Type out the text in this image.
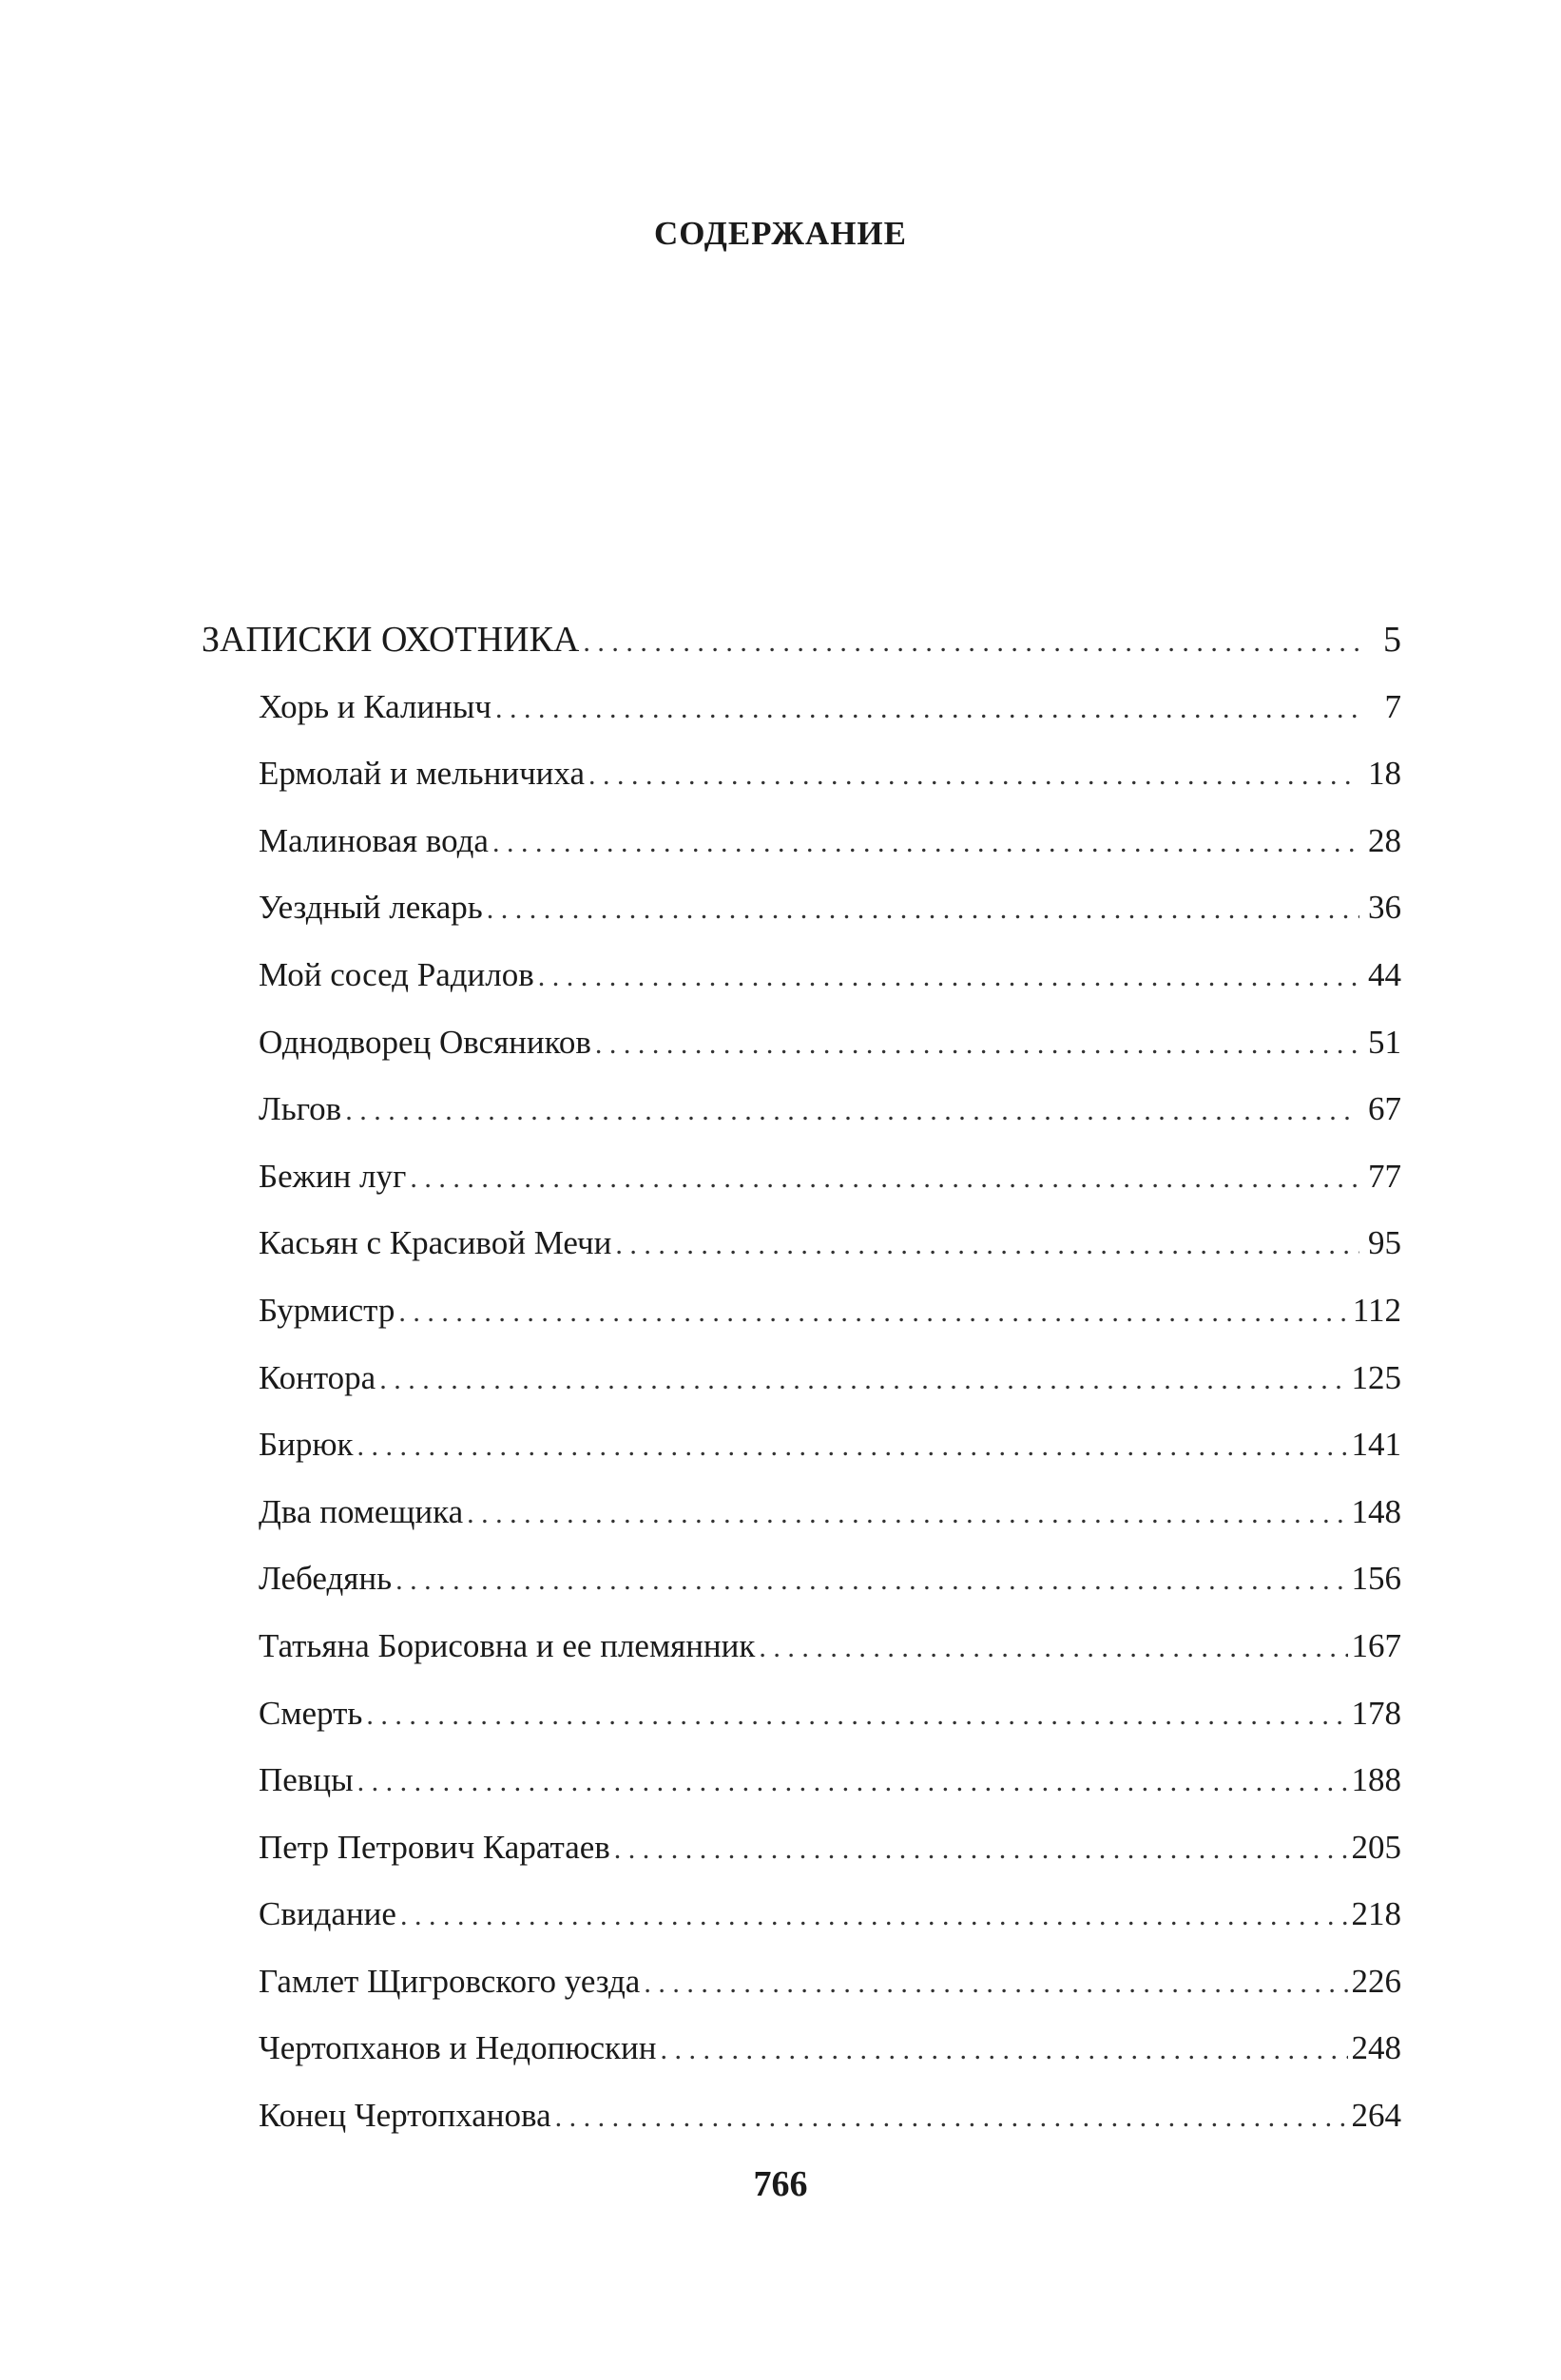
СОДЕРЖАНИЕ
ЗАПИСКИ ОХОТНИКА . . .	5
Хорь и Калиныч . . .	7
Ермолай и мельничиха . . .	18
Малиновая вода . . .	28
Уездный лекарь . . .	36
Мой сосед Радилов . . .	44
Однодворец Овсяников . . .	51
Льгов . . .	67
Бежин луг . . .	77
Касьян с Красивой Мечи . . .	95
Бурмистр . . .	112
Контора . . .	125
Бирюк . . .	141
Два помещика . . .	148
Лебедянь . . .	156
Татьяна Борисовна и ее племянник . . .	167
Смерть . . .	178
Певцы . . .	188
Петр Петрович Каратаев . . .	205
Свидание . . .	218
Гамлет Щигровского уезда . . .	226
Чертопханов и Недопюскин . . .	248
Конец Чертопханова . . .	264
766
